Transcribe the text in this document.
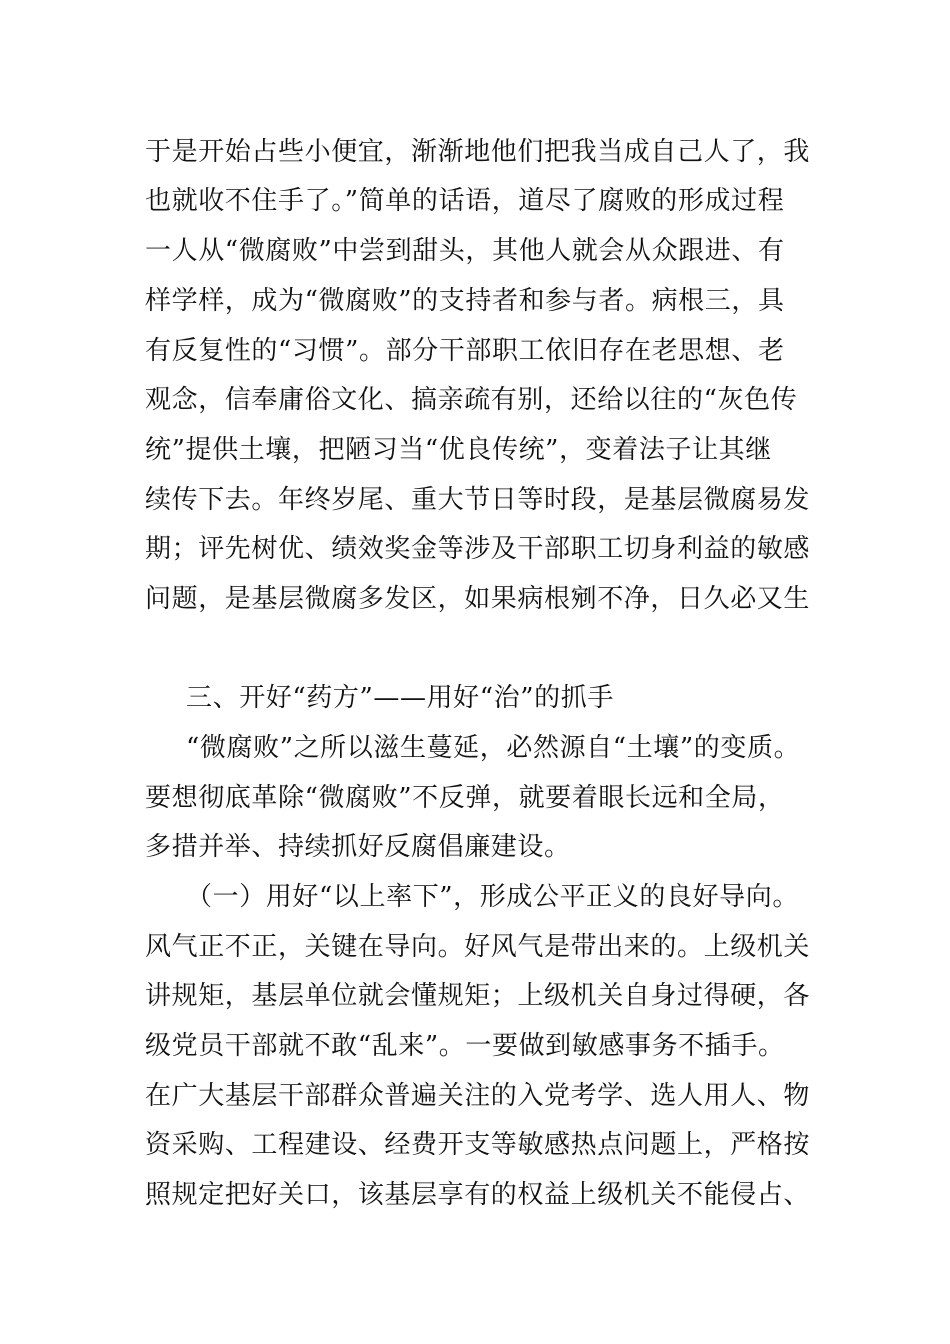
于是开始占些小便宜，渐渐地他们把我当成自己人了，我

也就收不住手了。”简单的话语，道尽了腐败的形成过程

一人从“微腐败”中尝到甜头，其他人就会从众跟进、有

样学样，成为“微腐败”的支持者和参与者。病根三，具

有反复性的“习惯”。部分干部职工依旧存在老思想、老

观念，信奉庸俗文化、搞亲疏有别，还给以往的“灰色传

统”提供土壤，把陋习当“优良传统”，变着法子让其继

续传下去。年终岁尾、重大节日等时段，是基层微腐易发

期；评先树优、绩效奖金等涉及干部职工切身利益的敏感

问题，是基层微腐多发区，如果病根剜不净，日久必又生

三、开好“药方”——用好“治”的抓手

“微腐败”之所以滋生蔓延，必然源自“土壤”的变质。

要想彻底革除“微腐败”不反弹，就要着眼长远和全局，

多措并举、持续抓好反腐倡廉建设。

（一）用好“以上率下”，形成公平正义的良好导向。

风气正不正，关键在导向。好风气是带出来的。上级机关

讲规矩，基层单位就会懂规矩；上级机关自身过得硬，各

级党员干部就不敢“乱来”。一要做到敏感事务不插手。

在广大基层干部群众普遍关注的入党考学、选人用人、物

资采购、工程建设、经费开支等敏感热点问题上，严格按

照规定把好关口，该基层享有的权益上级机关不能侵占、
